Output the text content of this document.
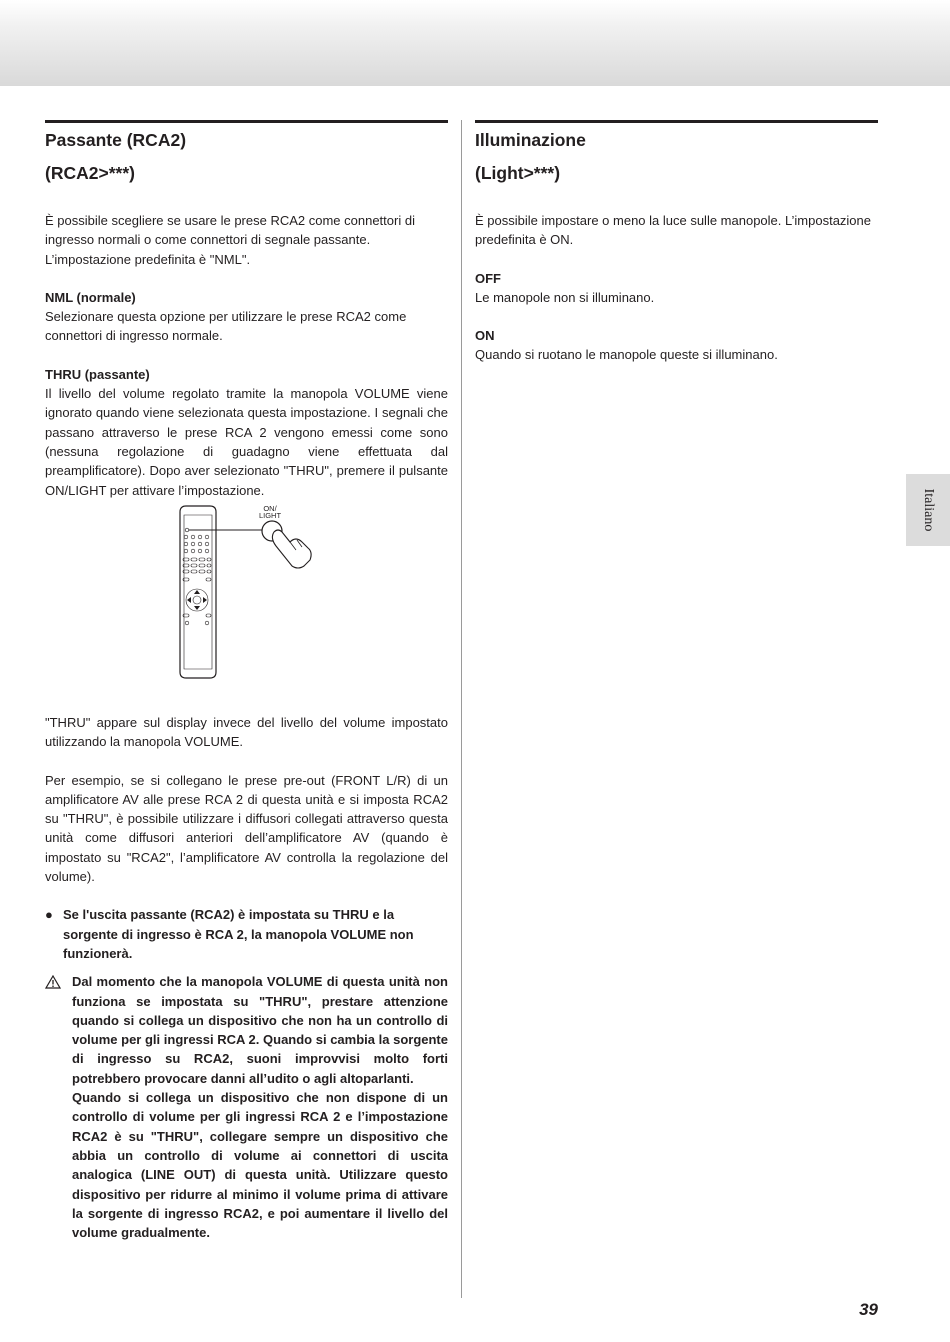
Italiano
Passante (RCA2)
(RCA2>***)

È possibile scegliere se usare le prese RCA2 come connettori di ingresso normali o come connettori di segnale passante.

L’impostazione predefinita è "NML".

NML (normale)

Selezionare questa opzione per utilizzare le prese RCA2 come connettori di ingresso normale.

THRU (passante)

Il livello del volume regolato tramite la manopola VOLUME viene ignorato quando viene selezionata questa impostazione. I segnali che passano attraverso le prese RCA 2 vengono emessi come sono (nessuna regolazione di guadagno viene effettuata dal preamplificatore). Dopo aver selezionato "THRU", premere il pulsante ON/LIGHT per attivare l’impostazione.

ON/
LIGHT

"THRU" appare sul display invece del livello del volume impostato utilizzando la manopola VOLUME.

Per esempio, se si collegano le prese pre-out (FRONT L/R) di un amplificatore AV alle prese RCA 2 di questa unità e si imposta RCA2 su "THRU", è possibile utilizzare i diffusori collegati attraverso questa unità come diffusori anteriori dell’amplificatore AV (quando è impostato su "RCA2", l’amplificatore AV controlla la regolazione del volume).

● Se l'uscita passante (RCA2) è impostata su THRU e la sorgente di ingresso è RCA 2, la manopola VOLUME non funzionerà.

Dal momento che la manopola VOLUME di questa unità non funziona se impostata su "THRU", prestare attenzione quando si collega un dispositivo che non ha un controllo di volume per gli ingressi RCA 2. Quando si cambia la sorgente di ingresso su RCA2, suoni improvvisi molto forti potrebbero provocare danni all’udito o agli altoparlanti.

Quando si collega un dispositivo che non dispone di un controllo di volume per gli ingressi RCA 2 e l’impostazione RCA2 è su "THRU", collegare sempre un dispositivo che abbia un controllo di volume ai connettori di uscita analogica (LINE OUT) di questa unità. Utilizzare questo dispositivo per ridurre al minimo il volume prima di attivare la sorgente di ingresso RCA2, e poi aumentare il livello del volume gradualmente.

Illuminazione
(Light>***)

È possibile impostare o meno la luce sulle manopole. L’impostazione predefinita è ON.

OFF

Le manopole non si illuminano.

ON

Quando si ruotano le manopole queste si illuminano.

39
